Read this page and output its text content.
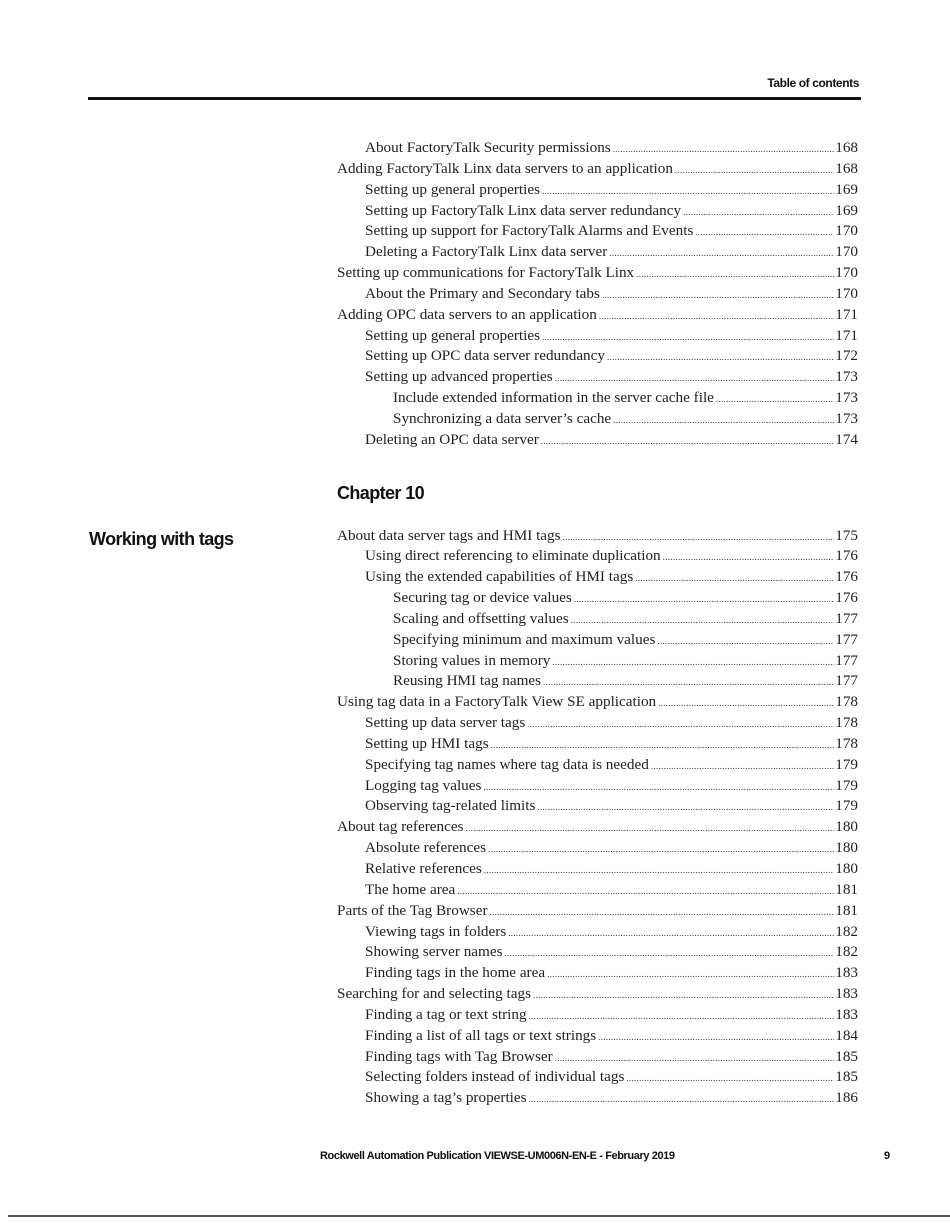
Table of contents
About FactoryTalk Security permissions .....	168
Adding FactoryTalk Linx data servers to an application .....	168
Setting up general properties .....	169
Setting up FactoryTalk Linx data server redundancy .....	169
Setting up support for FactoryTalk Alarms and Events .....	170
Deleting a FactoryTalk Linx data server .....	170
Setting up communications for FactoryTalk Linx .....	170
About the Primary and Secondary tabs .....	170
Adding OPC data servers to an application .....	171
Setting up general properties .....	171
Setting up OPC data server redundancy .....	172
Setting up advanced properties .....	173
Include extended information in the server cache file .....	173
Synchronizing a data server’s cache .....	173
Deleting an OPC data server .....	174
Chapter 10
Working with tags	About data server tags and HMI tags .....	175
Using direct referencing to eliminate duplication .....	176
Using the extended capabilities of HMI tags .....	176
Securing tag or device values .....	176
Scaling and offsetting values .....	177
Specifying minimum and maximum values .....	177
Storing values in memory .....	177
Reusing HMI tag names .....	177
Using tag data in a FactoryTalk View SE application .....	178
Setting up data server tags .....	178
Setting up HMI tags .....	178
Specifying tag names where tag data is needed .....	179
Logging tag values .....	179
Observing tag-related limits .....	179
About tag references .....	180
Absolute references .....	180
Relative references .....	180
The home area .....	181
Parts of the Tag Browser .....	181
Viewing tags in folders .....	182
Showing server names .....	182
Finding tags in the home area .....	183
Searching for and selecting tags .....	183
Finding a tag or text string .....	183
Finding a list of all tags or text strings .....	184
Finding tags with Tag Browser .....	185
Selecting folders instead of individual tags .....	185
Showing a tag’s properties .....	186
Rockwell Automation Publication VIEWSE-UM006N-EN-E - February 2019	9
